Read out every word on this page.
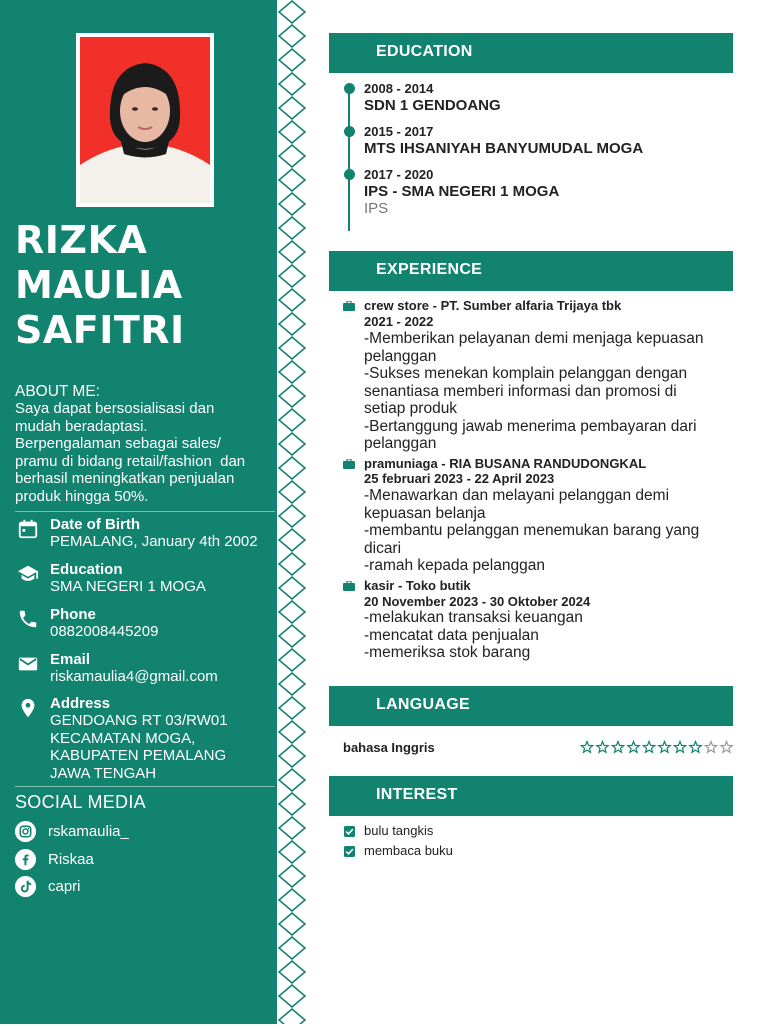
RIZKA
MAULIA
SAFITRI
ABOUT ME:
Saya dapat bersosialisasi dan
mudah beradaptasi.
Berpengalaman sebagai sales/
pramu di bidang retail/fashion  dan
berhasil meningkatkan penjualan
produk hingga 50%.
Date of Birth
PEMALANG, January 4th 2002
Education
SMA NEGERI 1 MOGA
Phone
0882008445209
Email
riskamaulia4@gmail.com
Address
GENDOANG RT 03/RW01
KECAMATAN MOGA,
KABUPATEN PEMALANG
JAWA TENGAH
SOCIAL MEDIA
rskamaulia_
Riskaa
capri
EDUCATION
2008 - 2014
SDN 1 GENDOANG
2015 - 2017
MTS IHSANIYAH BANYUMUDAL MOGA
2017 - 2020
IPS - SMA NEGERI 1 MOGA
IPS
EXPERIENCE
crew store - PT. Sumber alfaria Trijaya tbk
2021 - 2022
-Memberikan pelayanan demi menjaga kepuasan
pelanggan
-Sukses menekan komplain pelanggan dengan
senantiasa memberi informasi dan promosi di
setiap produk
-Bertanggung jawab menerima pembayaran dari
pelanggan
pramuniaga - RIA BUSANA RANDUDONGKAL
25 februari 2023 - 22 April 2023
-Menawarkan dan melayani pelanggan demi
kepuasan belanja
-membantu pelanggan menemukan barang yang
dicari
-ramah kepada pelanggan
kasir - Toko butik
20 November 2023 - 30 Oktober 2024
-melakukan transaksi keuangan
-mencatat data penjualan
-memeriksa stok barang
LANGUAGE
bahasa Inggris
INTEREST
bulu tangkis
membaca buku
